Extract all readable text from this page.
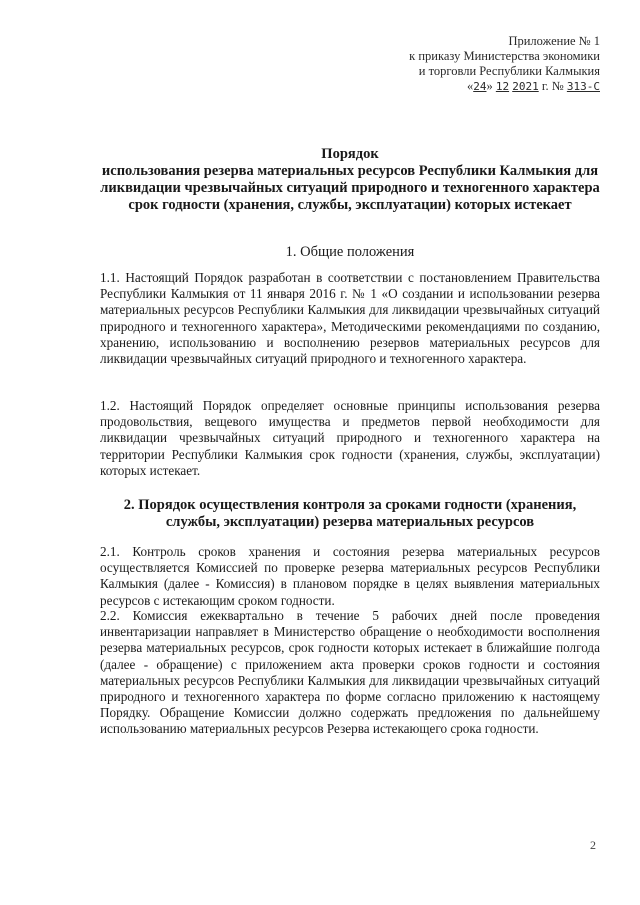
Приложение № 1
к приказу Министерства экономики
и торговли Республики Калмыкия
«24» 12 2021 г. № 313-С
Порядок
использования резерва материальных ресурсов Республики Калмыкия для ликвидации чрезвычайных ситуаций природного и техногенного характера срок годности (хранения, службы, эксплуатации) которых истекает
1. Общие положения

1.1. Настоящий Порядок разработан в соответствии с постановлением Правительства Республики Калмыкия от 11 января 2016 г. № 1 «О создании и использовании резерва материальных ресурсов Республики Калмыкия для ликвидации чрезвычайных ситуаций природного и техногенного характера», Методическими рекомендациями по созданию, хранению, использованию и восполнению резервов материальных ресурсов для ликвидации чрезвычайных ситуаций природного и техногенного характера.

1.2. Настоящий Порядок определяет основные принципы использования резерва продовольствия, вещевого имущества и предметов первой необходимости для ликвидации чрезвычайных ситуаций природного и техногенного характера на территории Республики Калмыкия срок годности (хранения, службы, эксплуатации) которых истекает.

2. Порядок осуществления контроля за сроками годности (хранения, службы, эксплуатации) резерва материальных ресурсов

2.1. Контроль сроков хранения и состояния резерва материальных ресурсов осуществляется Комиссией по проверке резерва материальных ресурсов Республики Калмыкия (далее - Комиссия) в плановом порядке в целях выявления материальных ресурсов с истекающим сроком годности.

2.2. Комиссия ежеквартально в течение 5 рабочих дней после проведения инвентаризации направляет в Министерство обращение о необходимости восполнения резерва материальных ресурсов, срок годности которых истекает в ближайшие полгода (далее - обращение) с приложением акта проверки сроков годности и состояния материальных ресурсов Республики Калмыкия для ликвидации чрезвычайных ситуаций природного и техногенного характера по форме согласно приложению к настоящему Порядку. Обращение Комиссии должно содержать предложения по дальнейшему использованию материальных ресурсов Резерва истекающего срока годности.

2
